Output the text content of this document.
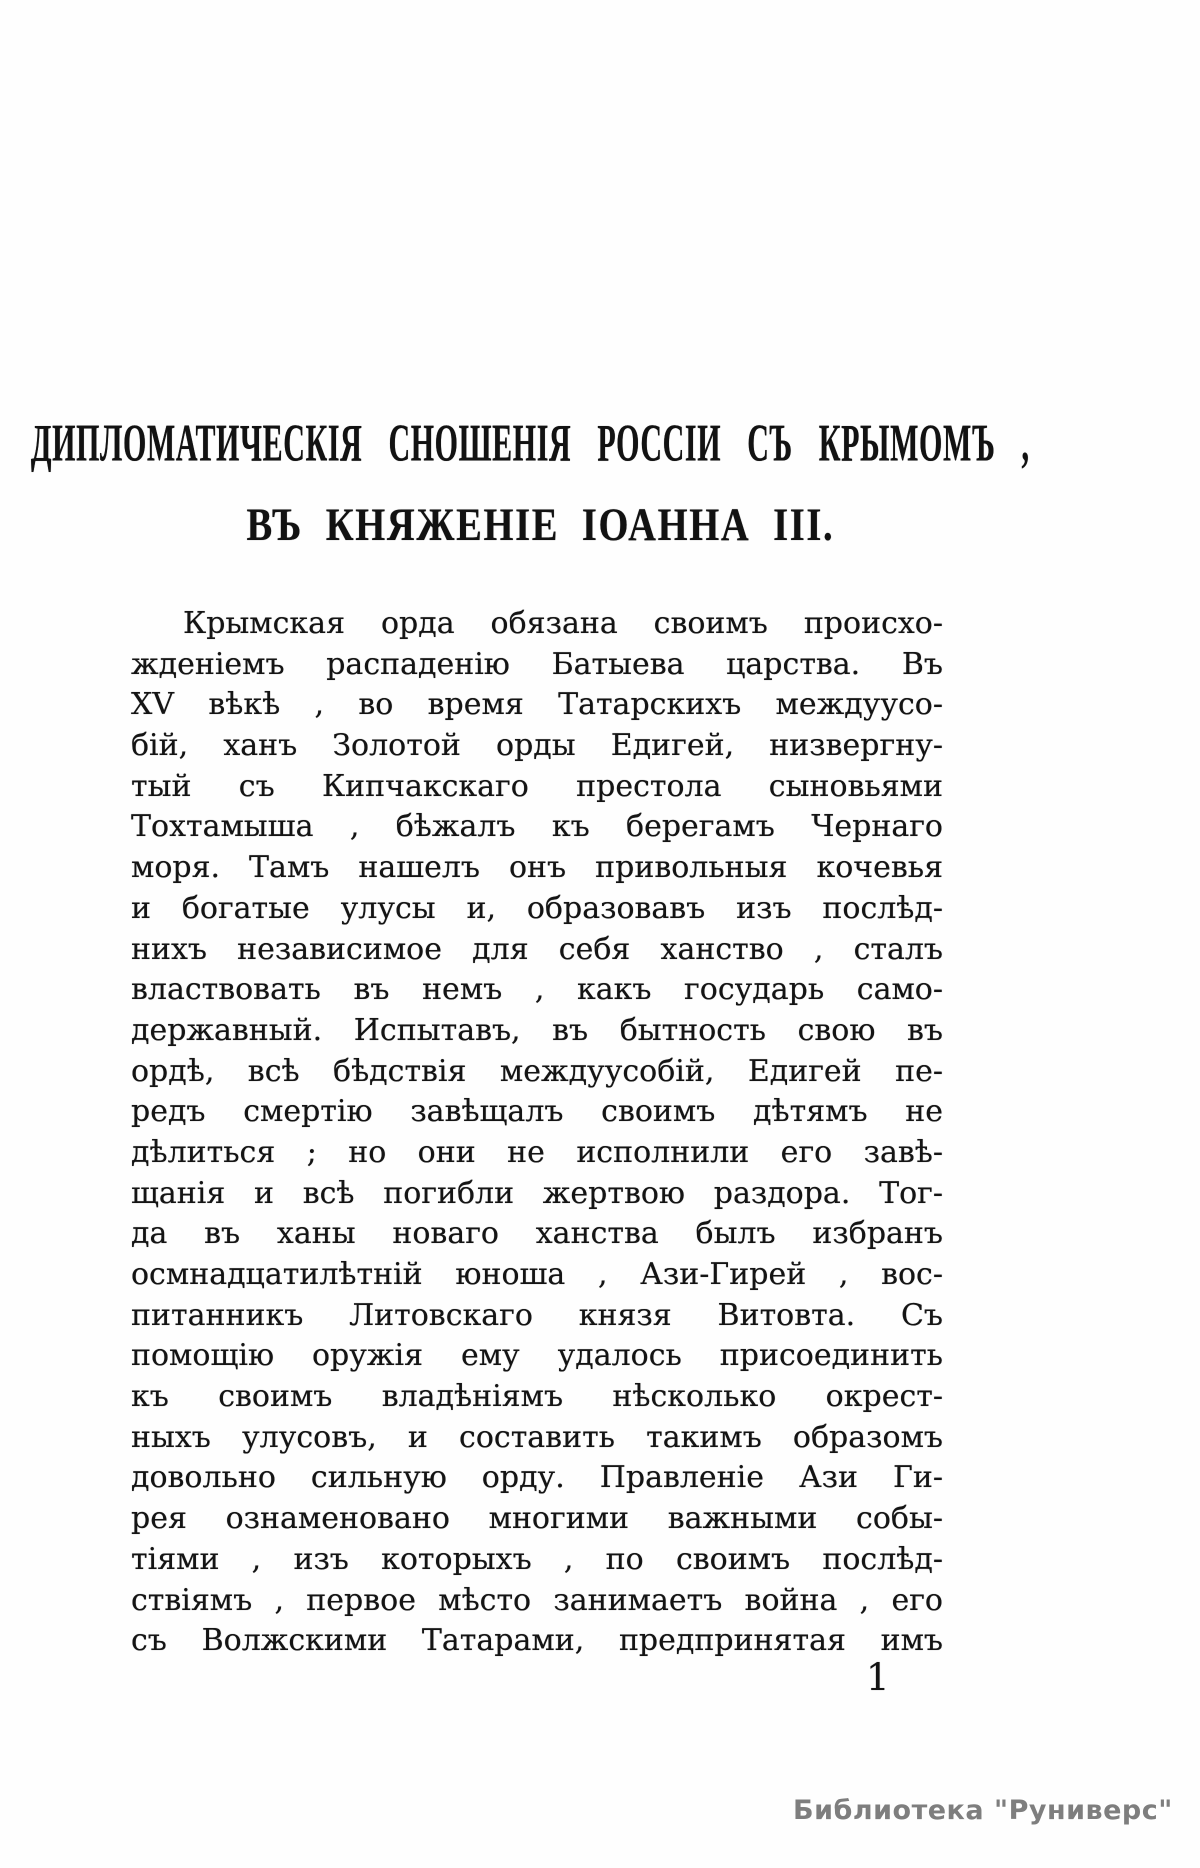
ДИПЛОМАТИЧЕСКІЯ СНОШЕНІЯ РОССІИ СЪ КРЫМОМЪ ,
ВЪ КНЯЖЕНІЕ ІОАННА III.
Крымская орда обязана своимъ происхо-
жденіемъ распаденію Батыева царства. Въ
XV вѣкѣ , во время Татарскихъ междуусо-
бій, ханъ Золотой орды Едигей, низвергну-
тый съ Кипчакскаго престола сыновьями
Тохтамыша , бѣжалъ къ берегамъ Чернаго
моря. Тамъ нашелъ онъ привольныя кочевья
и богатые улусы и, образовавъ изъ послѣд-
нихъ независимое для себя ханство , сталъ
властвовать въ немъ , какъ государь само-
державный. Испытавъ, въ бытность свою въ
ордѣ, всѣ бѣдствія междуусобій, Едигей пе-
редъ смертію завѣщалъ своимъ дѣтямъ не
дѣлиться ; но они не исполнили его завѣ-
щанія и всѣ погибли жертвою раздора. Тог-
да въ ханы новаго ханства былъ избранъ
осмнадцатилѣтній юноша , Ази-Гирей , вос-
питанникъ Литовскаго князя Витовта. Съ
помощію оружія ему удалось присоединить
къ своимъ владѣніямъ нѣсколько окрест-
ныхъ улусовъ, и составить такимъ образомъ
довольно сильную орду. Правленіе Ази Ги-
рея ознаменовано многими важными собы-
тіями , изъ которыхъ , по своимъ послѣд-
ствіямъ , первое мѣсто занимаетъ война , его
съ Волжскими Татарами, предпринятая имъ
1
Библиотека "Руниверс"
